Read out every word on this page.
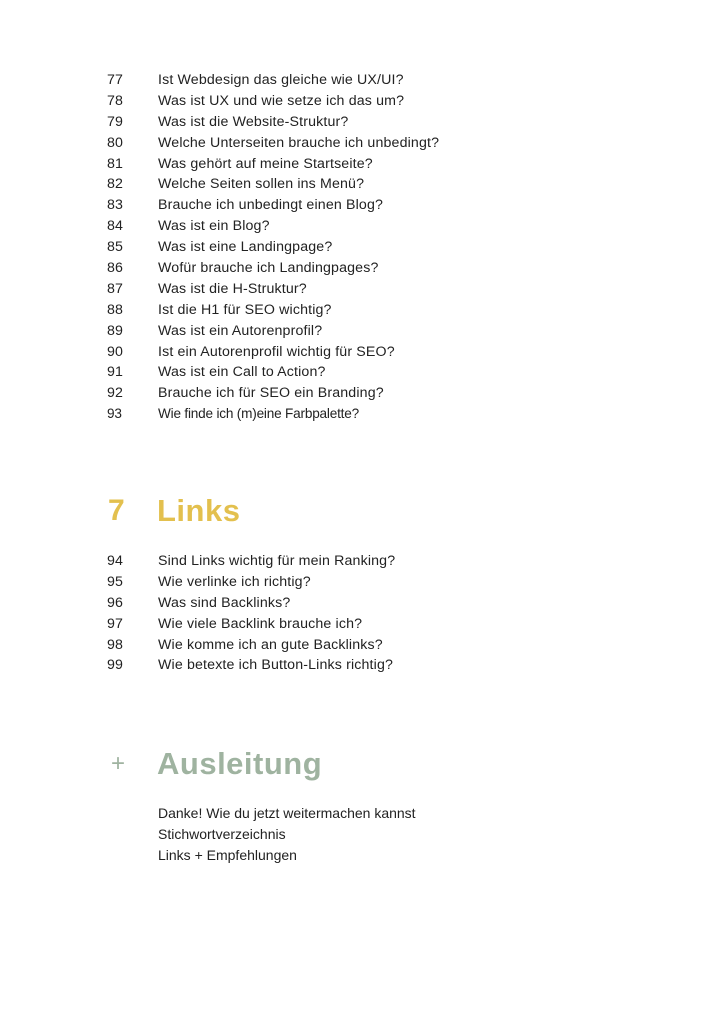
77	Ist Webdesign das gleiche wie UX/UI?
78	Was ist UX und wie setze ich das um?
79	Was ist die Website-Struktur?
80	Welche Unterseiten brauche ich unbedingt?
81	Was gehört auf meine Startseite?
82	Welche Seiten sollen ins Menü?
83	Brauche ich unbedingt einen Blog?
84	Was ist ein Blog?
85	Was ist eine Landingpage?
86	Wofür brauche ich Landingpages?
87	Was ist die H-Struktur?
88	Ist die H1 für SEO wichtig?
89	Was ist ein Autorenprofil?
90	Ist ein Autorenprofil wichtig für SEO?
91	Was ist ein Call to Action?
92	Brauche ich für SEO ein Branding?
93	Wie finde ich (m)eine Farbpalette?
7 Links
94	Sind Links wichtig für mein Ranking?
95	Wie verlinke ich richtig?
96	Was sind Backlinks?
97	Wie viele Backlink brauche ich?
98	Wie komme ich an gute Backlinks?
99	Wie betexte ich Button-Links richtig?
+ Ausleitung
Danke! Wie du jetzt weitermachen kannst
Stichwortverzeichnis
Links + Empfehlungen
